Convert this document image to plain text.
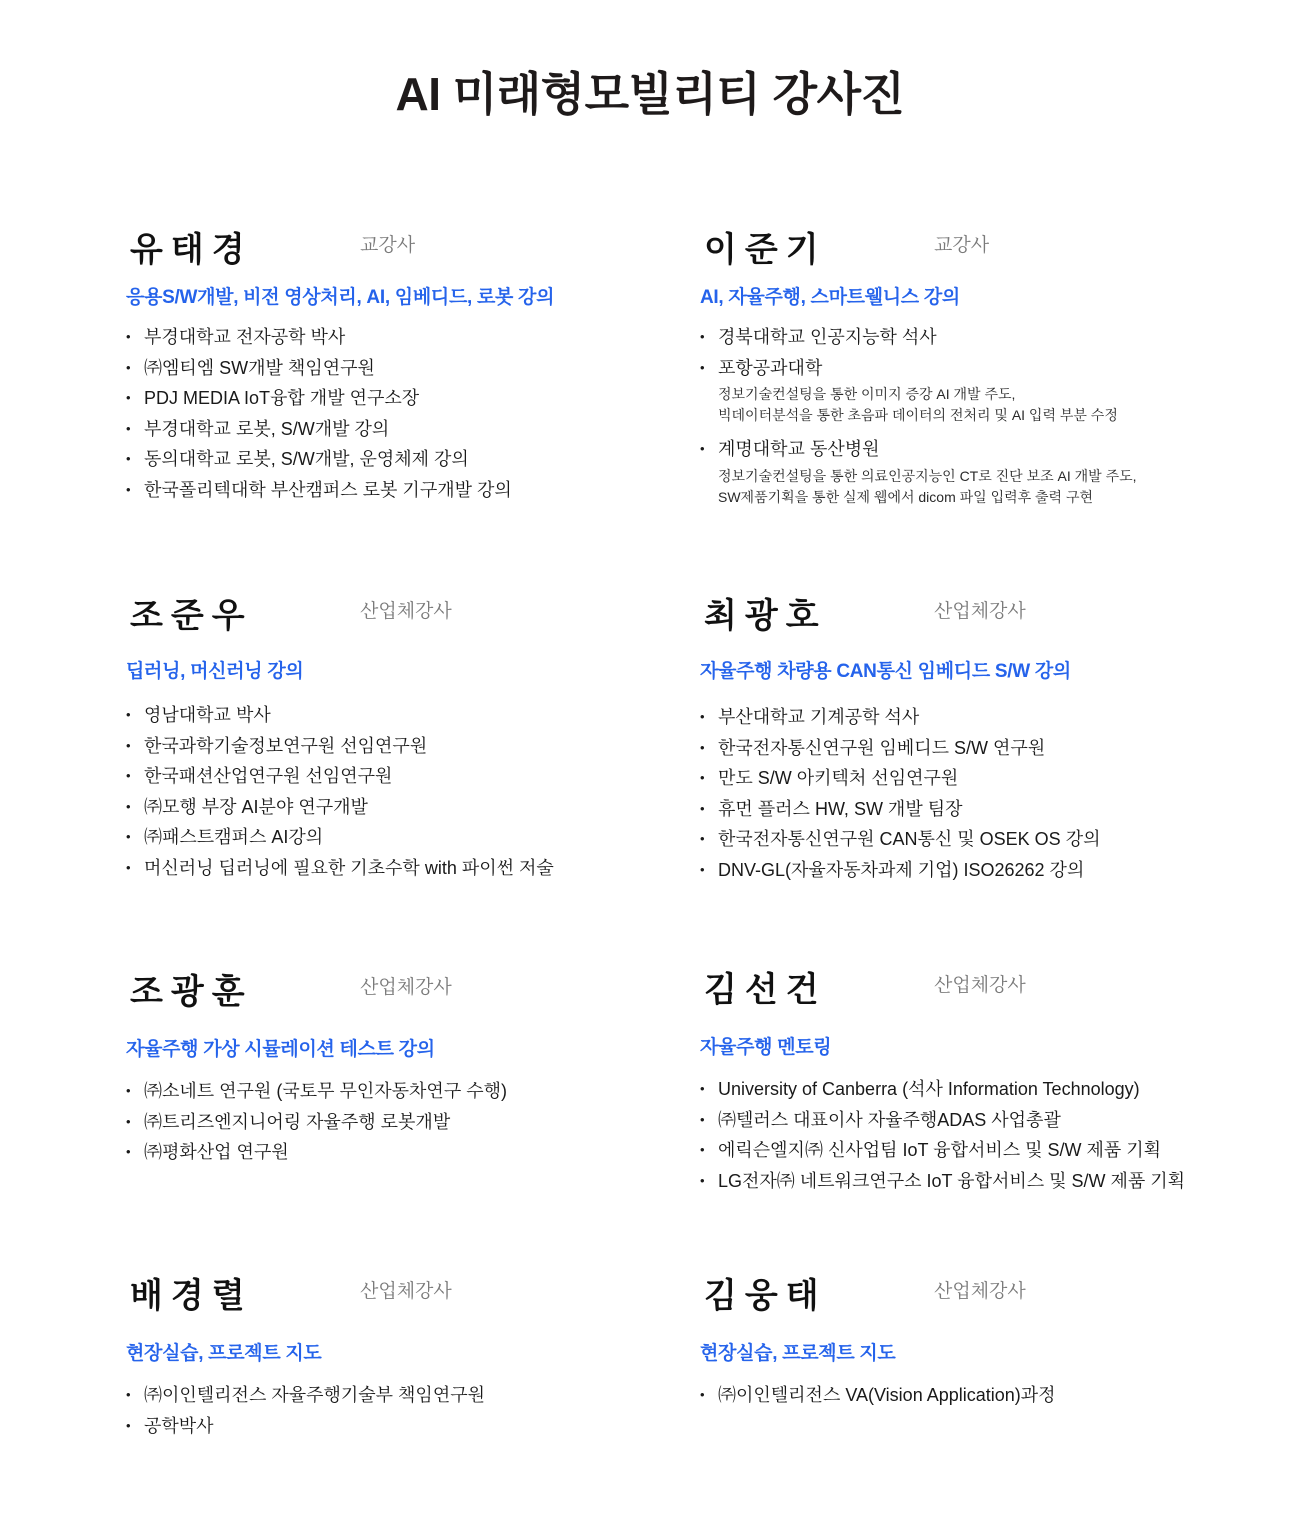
AI 미래형모빌리티 강사진
유태경	교강사
응용S/W개발, 비전 영상처리, AI, 임베디드, 로봇 강의
• 부경대학교 전자공학 박사
• ㈜엠티엠 SW개발 책임연구원
• PDJ MEDIA IoT융합 개발 연구소장
• 부경대학교 로봇, S/W개발 강의
• 동의대학교 로봇, S/W개발, 운영체제 강의
• 한국폴리텍대학 부산캠퍼스 로봇 기구개발 강의
이준기	교강사
AI, 자율주행, 스마트웰니스 강의
• 경북대학교 인공지능학 석사
• 포항공과대학
정보기술컨설팅을 통한 이미지 증강 AI 개발 주도,
빅데이터분석을 통한 초음파 데이터의 전처리 및 AI 입력 부분 수정
• 계명대학교 동산병원
정보기술컨설팅을 통한 의료인공지능인 CT로 진단 보조 AI 개발 주도,
SW제품기획을 통한 실제 웹에서 dicom 파일 입력후 출력 구현
조준우	산업체강사
딥러닝, 머신러닝 강의
• 영남대학교 박사
• 한국과학기술정보연구원 선임연구원
• 한국패션산업연구원 선임연구원
• ㈜모행 부장 AI분야 연구개발
• ㈜패스트캠퍼스 AI강의
• 머신러닝 딥러닝에 필요한 기초수학 with 파이썬 저술
최광호	산업체강사
자율주행 차량용 CAN통신 임베디드 S/W 강의
• 부산대학교 기계공학 석사
• 한국전자통신연구원 임베디드 S/W 연구원
• 만도 S/W 아키텍처 선임연구원
• 휴먼 플러스 HW, SW 개발 팀장
• 한국전자통신연구원 CAN통신 및 OSEK OS 강의
• DNV-GL(자율자동차과제 기업) ISO26262 강의
조광훈	산업체강사
자율주행 가상 시뮬레이션 테스트 강의
• ㈜소네트 연구원 (국토무 무인자동차연구 수행)
• ㈜트리즈엔지니어링 자율주행 로봇개발
• ㈜평화산업 연구원
김선건	산업체강사
자율주행 멘토링
• University of Canberra (석사 Information Technology)
• ㈜텔러스 대표이사 자율주행ADAS 사업총괄
• 에릭슨엘지㈜ 신사업팀 IoT 융합서비스 및 S/W 제품 기획
• LG전자㈜ 네트워크연구소 IoT 융합서비스 및 S/W 제품 기획
배경렬	산업체강사
현장실습, 프로젝트 지도
• ㈜이인텔리전스 자율주행기술부 책임연구원
• 공학박사
김웅태	산업체강사
현장실습, 프로젝트 지도
• ㈜이인텔리전스 VA(Vision Application)과정
